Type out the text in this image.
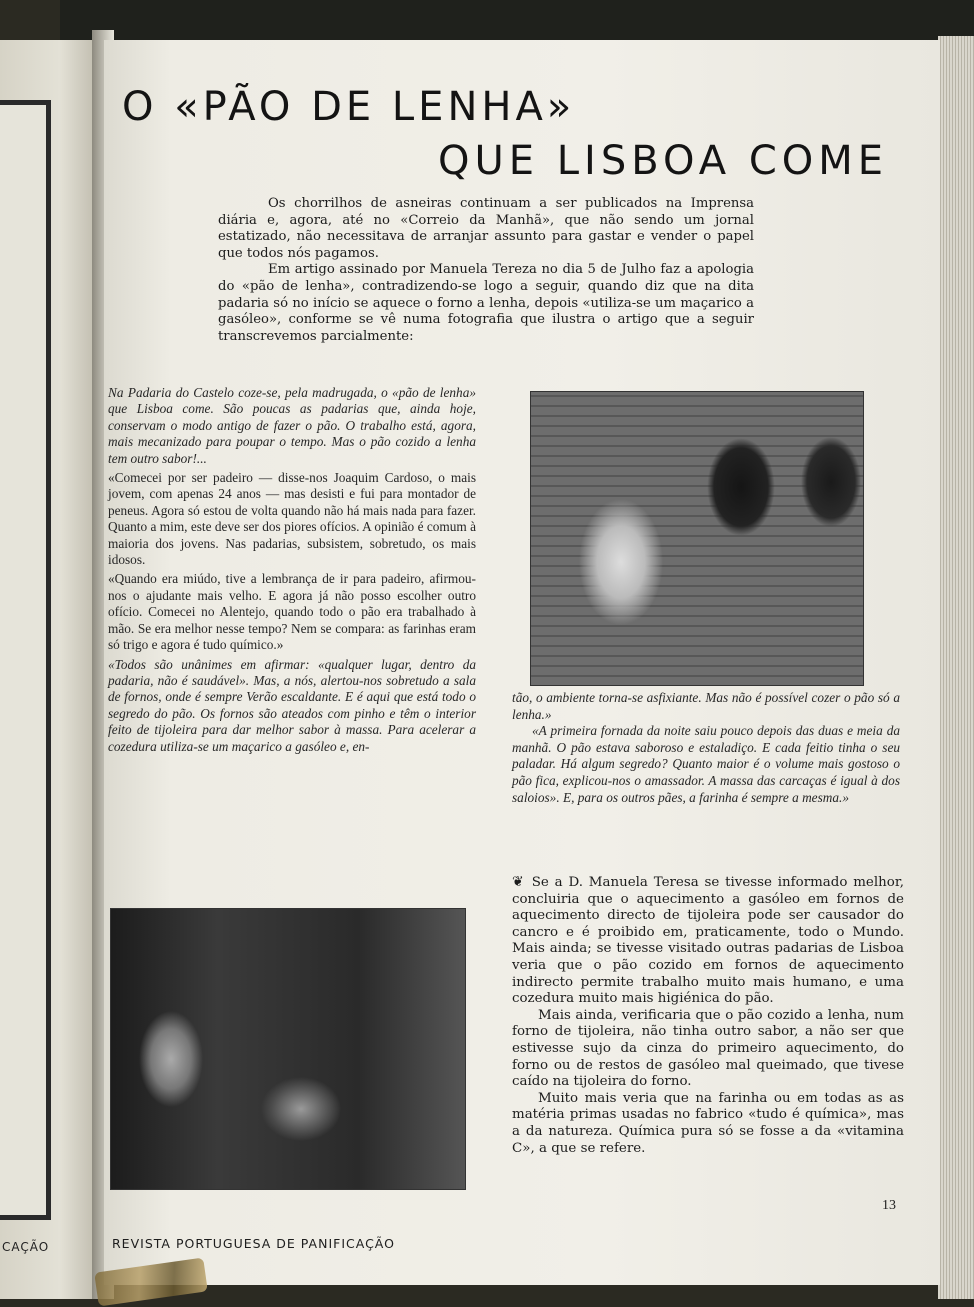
CAÇÃO
O «PÃO DE LENHA»
QUE LISBOA COME

Os chorrilhos de asneiras continuam a ser publicados na Imprensa diária e, agora, até no «Correio da Manhã», que não sendo um jornal estatizado, não necessitava de arranjar assunto para gastar e vender o papel que todos nós pagamos.

Em artigo assinado por Manuela Tereza no dia 5 de Julho faz a apologia do «pão de lenha», contradizendo-se logo a seguir, quando diz que na dita padaria só no início se aquece o forno a lenha, depois «utiliza-se um maçarico a gasóleo», conforme se vê numa fotografia que ilustra o artigo que a seguir transcrevemos parcialmente:

Na Padaria do Castelo coze-se, pela madrugada, o «pão de lenha» que Lisboa come. São poucas as padarias que, ainda hoje, conservam o modo antigo de fazer o pão. O trabalho está, agora, mais mecanizado para poupar o tempo. Mas o pão cozido a lenha tem outro sabor!...

«Comecei por ser padeiro — disse-nos Joaquim Cardoso, o mais jovem, com apenas 24 anos — mas desisti e fui para montador de peneus. Agora só estou de volta quando não há mais nada para fazer. Quanto a mim, este deve ser dos piores ofícios. A opinião é comum à maioria dos jovens. Nas padarias, subsistem, sobretudo, os mais idosos.

«Quando era miúdo, tive a lembrança de ir para padeiro, afirmou-nos o ajudante mais velho. E agora já não posso escolher outro ofício. Comecei no Alentejo, quando todo o pão era trabalhado à mão. Se era melhor nesse tempo? Nem se compara: as farinhas eram só trigo e agora é tudo químico.»

«Todos são unânimes em afirmar: «qualquer lugar, dentro da padaria, não é saudável». Mas, a nós, alertou-nos sobretudo a sala de fornos, onde é sempre Verão escaldante. E é aqui que está todo o segredo do pão. Os fornos são ateados com pinho e têm o interior feito de tijoleira para dar melhor sabor à massa. Para acelerar a cozedura utiliza-se um maçarico a gasóleo e, en-

tão, o ambiente torna-se asfixiante. Mas não é possível cozer o pão só a lenha.»

«A primeira fornada da noite saiu pouco depois das duas e meia da manhã. O pão estava saboroso e estaladiço. E cada feitio tinha o seu paladar. Há algum segredo? Quanto maior é o volume mais gostoso o pão fica, explicou-nos o amassador. A massa das carcaças é igual à dos saloios». E, para os outros pães, a farinha é sempre a mesma.»

❦ Se a D. Manuela Teresa se tivesse informado melhor, concluiria que o aquecimento a gasóleo em fornos de aquecimento directo de tijoleira pode ser causador do cancro e é proibido em, praticamente, todo o Mundo. Mais ainda; se tivesse visitado outras padarias de Lisboa veria que o pão cozido em fornos de aquecimento indirecto permite trabalho muito mais humano, e uma cozedura muito mais higiénica do pão.

Mais ainda, verificaria que o pão cozido a lenha, num forno de tijoleira, não tinha outro sabor, a não ser que estivesse sujo da cinza do primeiro aquecimento, do forno ou de restos de gasóleo mal queimado, que tivese caído na tijoleira do forno.

Muito mais veria que na farinha ou em todas as as matéria primas usadas no fabrico «tudo é química», mas a da natureza. Química pura só se fosse a da «vitamina C», a que se refere.

REVISTA PORTUGUESA DE PANIFICAÇÃO
13
